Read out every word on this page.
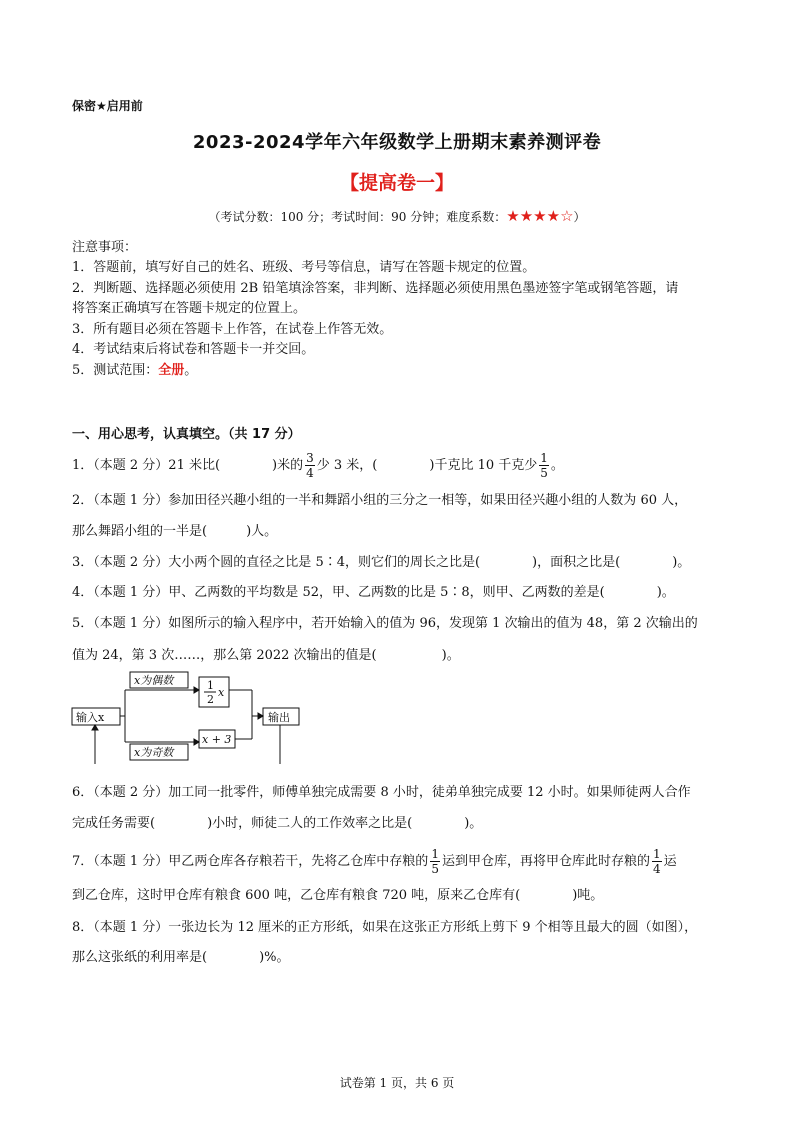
保密★启用前
2023-2024学年六年级数学上册期末素养测评卷
【提高卷一】
（考试分数：100 分；考试时间：90 分钟；难度系数：★★★★☆）
注意事项：
1．答题前，填写好自己的姓名、班级、考号等信息，请写在答题卡规定的位置。
2．判断题、选择题必须使用 2B 铅笔填涂答案，非判断、选择题必须使用黑色墨迹签字笔或钢笔答题，请
将答案正确填写在答题卡规定的位置上。
3．所有题目必须在答题卡上作答，在试卷上作答无效。
4．考试结束后将试卷和答题卡一并交回。
5．测试范围：全册。
一、用心思考，认真填空。（共 17 分）
1．（本题 2 分）21 米比(　　　　)米的 $\frac{3}{4}$ 少 3 米，(　　　　)千克比 10 千克少 $\frac{1}{5}$ 。
2．（本题 1 分）参加田径兴趣小组的一半和舞蹈小组的三分之一相等，如果田径兴趣小组的人数为 60 人，
那么舞蹈小组的一半是(　　　)人。
3．（本题 2 分）大小两个圆的直径之比是 5∶4，则它们的周长之比是(　　　　)，面积之比是(　　　　)。
4．（本题 1 分）甲、乙两数的平均数是 52，甲、乙两数的比是 5∶8，则甲、乙两数的差是(　　　　)。
5．（本题 1 分）如图所示的输入程序中，若开始输入的值为 96，发现第 1 次输出的值为 48，第 2 次输出的
值为 24，第 3 次……，那么第 2022 次输出的值是(　　　　　)。
输入x
x为偶数
x为奇数
1
2
x
x + 3
输出
6．（本题 2 分）加工同一批零件，师傅单独完成需要 8 小时，徒弟单独完成要 12 小时。如果师徒两人合作
完成任务需要(　　　　)小时，师徒二人的工作效率之比是(　　　　)。
7．（本题 1 分）甲乙两仓库各存粮若干，先将乙仓库中存粮的 $\frac{1}{5}$ 运到甲仓库，再将甲仓库此时存粮的 $\frac{1}{4}$ 运
到乙仓库，这时甲仓库有粮食 600 吨，乙仓库有粮食 720 吨，原来乙仓库有(　　　　)吨。
8．（本题 1 分）一张边长为 12 厘米的正方形纸，如果在这张正方形纸上剪下 9 个相等且最大的圆（如图），
那么这张纸的利用率是(　　　　)%。
试卷第 1 页，共 6 页
